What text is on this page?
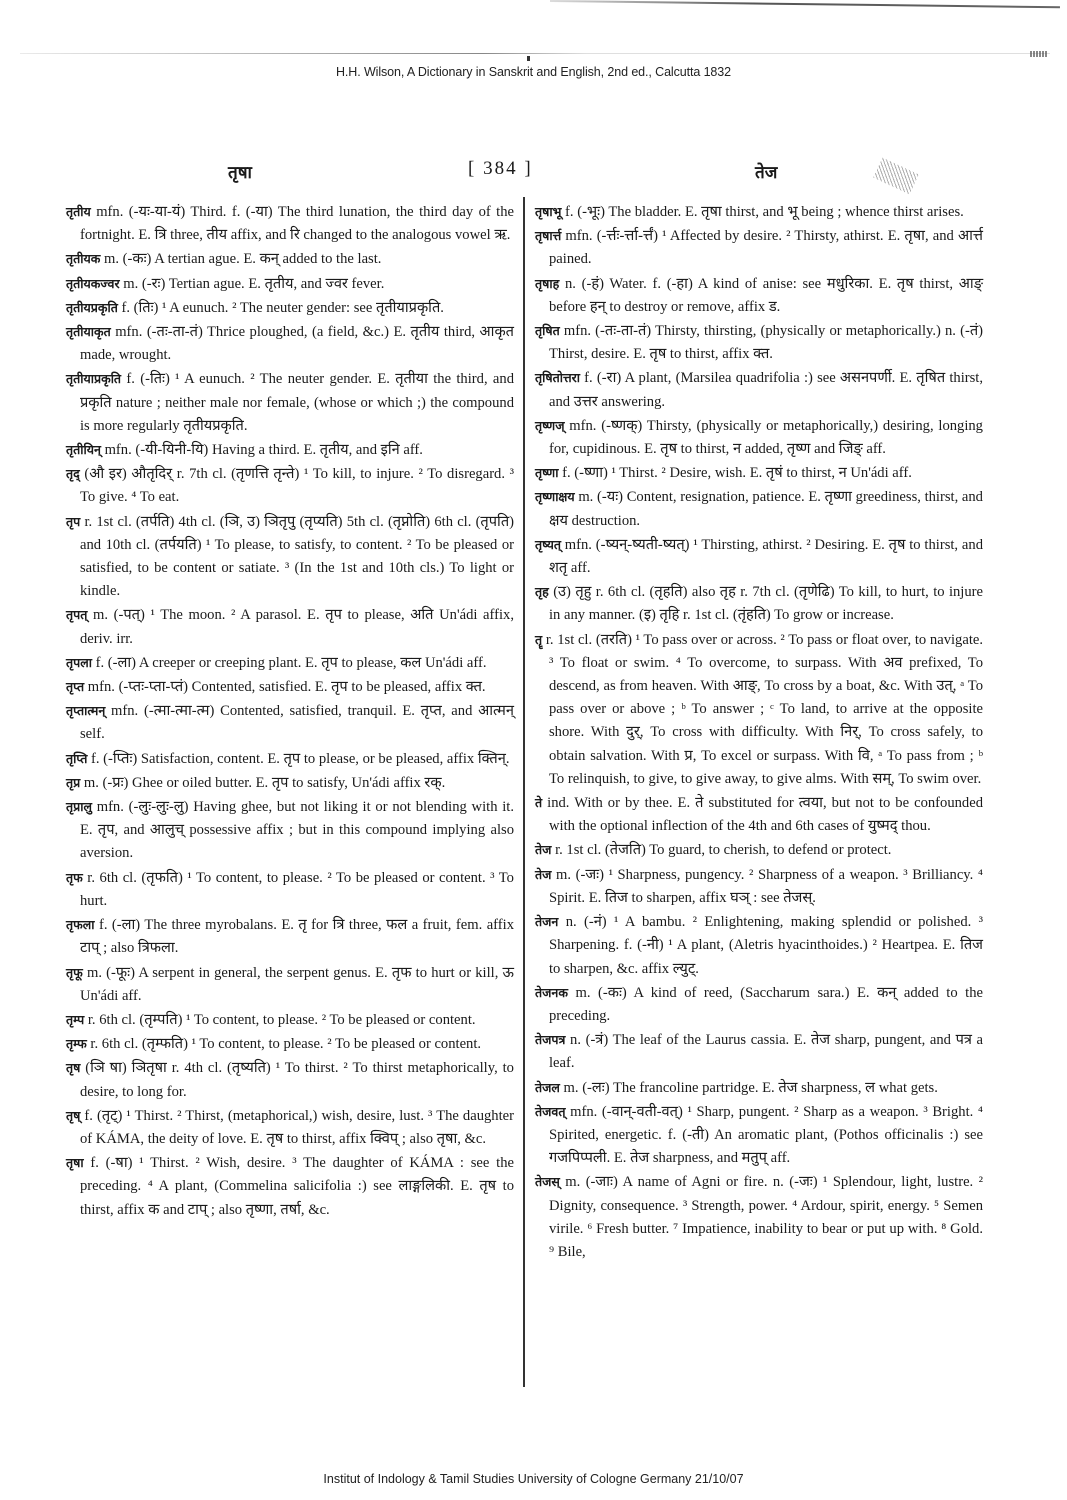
H.H. Wilson, A Dictionary in Sanskrit and English, 2nd ed., Calcutta 1832
तृषा	[ 384 ]	तेज

तृतीय mfn. (-यः-या-यं) Third. f. (-या) The third lunation, the third day of the fortnight. E. त्रि three, तीय affix, and रि changed to the analogous vowel ऋ.

तृतीयक m. (-कः) A tertian ague. E. कन् added to the last.

तृतीयकज्वर m. (-रः) Tertian ague. E. तृतीय, and ज्वर fever.

तृतीयप्रकृति f. (तिः) ¹ A eunuch. ² The neuter gender: see तृतीयाप्रकृति.

तृतीयाकृत mfn. (-तः-ता-तं) Thrice ploughed, (a field, &c.) E. तृतीय third, आकृत made, wrought.

तृतीयाप्रकृति f. (-तिः) ¹ A eunuch. ² The neuter gender. E. तृतीया the third, and प्रकृति nature ; neither male nor female, (whose or which ;) the compound is more regularly तृतीयप्रकृति.

तृतीयिन् mfn. (-यी-यिनी-यि) Having a third. E. तृतीय, and इनि aff.

तृद् (औ इर) औतृदिर् r. 7th cl. (तृणत्ति तृन्ते) ¹ To kill, to injure. ² To disregard. ³ To give. ⁴ To eat.

तृप r. 1st cl. (तर्पति) 4th cl. (ञि, उ) ञितृपु (तृप्यति) 5th cl. (तृप्नोति) 6th cl. (तृपति) and 10th cl. (तर्पयति) ¹ To please, to satisfy, to content. ² To be pleased or satisfied, to be content or satiate. ³ (In the 1st and 10th cls.) To light or kindle.

तृपत् m. (-पत्) ¹ The moon. ² A parasol. E. तृप to please, अति Un'ádi affix, deriv. irr.

तृपला f. (-ला) A creeper or creeping plant. E. तृप to please, कल Un'ádi aff.

तृप्त mfn. (-प्तः-प्ता-प्तं) Contented, satisfied. E. तृप to be pleased, affix क्त.

तृप्तात्मन् mfn. (-त्मा-त्मा-त्म) Contented, satisfied, tranquil. E. तृप्त, and आत्मन् self.

तृप्ति f. (-प्तिः) Satisfaction, content. E. तृप to please, or be pleased, affix क्तिन्.

तृप्र m. (-प्रः) Ghee or oiled butter. E. तृप to satisfy, Un'ádi affix रक्.

तृप्रालु mfn. (-लुः-लुः-लु) Having ghee, but not liking it or not blending with it. E. तृप, and आलुच् possessive affix ; but in this compound implying also aversion.

तृफ r. 6th cl. (तृफति) ¹ To content, to please. ² To be pleased or content. ³ To hurt.

तृफला f. (-ला) The three myrobalans. E. तृ for त्रि three, फल a fruit, fem. affix टाप् ; also त्रिफला.

तृफू m. (-फूः) A serpent in general, the serpent genus. E. तृफ to hurt or kill, ऊ Un'ádi aff.

तृम्प r. 6th cl. (तृम्पति) ¹ To content, to please. ² To be pleased or content.

तृम्फ r. 6th cl. (तृम्फति) ¹ To content, to please. ² To be pleased or content.

तृष (ञि षा) ञितृषा r. 4th cl. (तृष्यति) ¹ To thirst. ² To thirst metaphorically, to desire, to long for.

तृष् f. (तृट्) ¹ Thirst. ² Thirst, (metaphorical,) wish, desire, lust. ³ The daughter of KÁMA, the deity of love. E. तृष to thirst, affix क्विप् ; also तृषा, &c.

तृषा f. (-षा) ¹ Thirst. ² Wish, desire. ³ The daughter of KÁMA : see the preceding. ⁴ A plant, (Commelina salicifolia :) see लाङ्गलिकी. E. तृष to thirst, affix क and टाप् ; also तृष्णा, तर्षा, &c.

तृषाभू f. (-भूः) The bladder. E. तृषा thirst, and भू being ; whence thirst arises.

तृषार्त्त mfn. (-र्त्तः-र्त्ता-र्त्तं) ¹ Affected by desire. ² Thirsty, athirst. E. तृषा, and आर्त्त pained.

तृषाह n. (-हं) Water. f. (-हा) A kind of anise: see मधुरिका. E. तृष thirst, आङ् before हन् to destroy or remove, affix ड.

तृषित mfn. (-तः-ता-तं) Thirsty, thirsting, (physically or metaphorically.) n. (-तं) Thirst, desire. E. तृष to thirst, affix क्त.

तृषितोत्तरा f. (-रा) A plant, (Marsilea quadrifolia :) see असनपर्णी. E. तृषित thirst, and उत्तर answering.

तृष्णज् mfn. (-ष्णक्) Thirsty, (physically or metaphorically,) desiring, longing for, cupidinous. E. तृष to thirst, न added, तृष्ण and जिङ् aff.

तृष्णा f. (-ष्णा) ¹ Thirst. ² Desire, wish. E. तृषं to thirst, न Un'ádi aff.

तृष्णाक्षय m. (-यः) Content, resignation, patience. E. तृष्णा greediness, thirst, and क्षय destruction.

तृष्यत् mfn. (-ष्यन्-ष्यती-ष्यत्) ¹ Thirsting, athirst. ² Desiring. E. तृष to thirst, and शतृ aff.

तृह (उ) तृहु r. 6th cl. (तृहति) also तृह r. 7th cl. (तृणेढि) To kill, to hurt, to injure in any manner. (इ) तृहि r. 1st cl. (तृंहति) To grow or increase.

तॄ r. 1st cl. (तरति) ¹ To pass over or across. ² To pass or float over, to navigate. ³ To float or swim. ⁴ To overcome, to surpass. With अव prefixed, To descend, as from heaven. With आङ्, To cross by a boat, &c. With उत्, ᵃ To pass over or above ; ᵇ To answer ; ᶜ To land, to arrive at the opposite shore. With दुर्, To cross with difficulty. With निर्, To cross safely, to obtain salvation. With प्र, To excel or surpass. With वि, ᵃ To pass from ; ᵇ To relinquish, to give, to give away, to give alms. With सम्, To swim over.

ते ind. With or by thee. E. ते substituted for त्वया, but not to be confounded with the optional inflection of the 4th and 6th cases of युष्मद् thou.

तेज r. 1st cl. (तेजति) To guard, to cherish, to defend or protect.

तेज m. (-जः) ¹ Sharpness, pungency. ² Sharpness of a weapon. ³ Brilliancy. ⁴ Spirit. E. तिज to sharpen, affix घञ् : see तेजस्.

तेजन n. (-नं) ¹ A bambu. ² Enlightening, making splendid or polished. ³ Sharpening. f. (-नी) ¹ A plant, (Aletris hyacinthoides.) ² Heartpea. E. तिज to sharpen, &c. affix ल्युट्.

तेजनक m. (-कः) A kind of reed, (Saccharum sara.) E. कन् added to the preceding.

तेजपत्र n. (-त्रं) The leaf of the Laurus cassia. E. तेज sharp, pungent, and पत्र a leaf.

तेजल m. (-लः) The francoline partridge. E. तेज sharpness, ल what gets.

तेजवत् mfn. (-वान्-वती-वत्) ¹ Sharp, pungent. ² Sharp as a weapon. ³ Bright. ⁴ Spirited, energetic. f. (-ती) An aromatic plant, (Pothos officinalis :) see गजपिप्पली. E. तेज sharpness, and मतुप् aff.

तेजस् m. (-जाः) A name of Agni or fire. n. (-जः) ¹ Splendour, light, lustre. ² Dignity, consequence. ³ Strength, power. ⁴ Ardour, spirit, energy. ⁵ Semen virile. ⁶ Fresh butter. ⁷ Impatience, inability to bear or put up with. ⁸ Gold. ⁹ Bile,

Institut of Indology & Tamil Studies University of Cologne Germany 21/10/07
